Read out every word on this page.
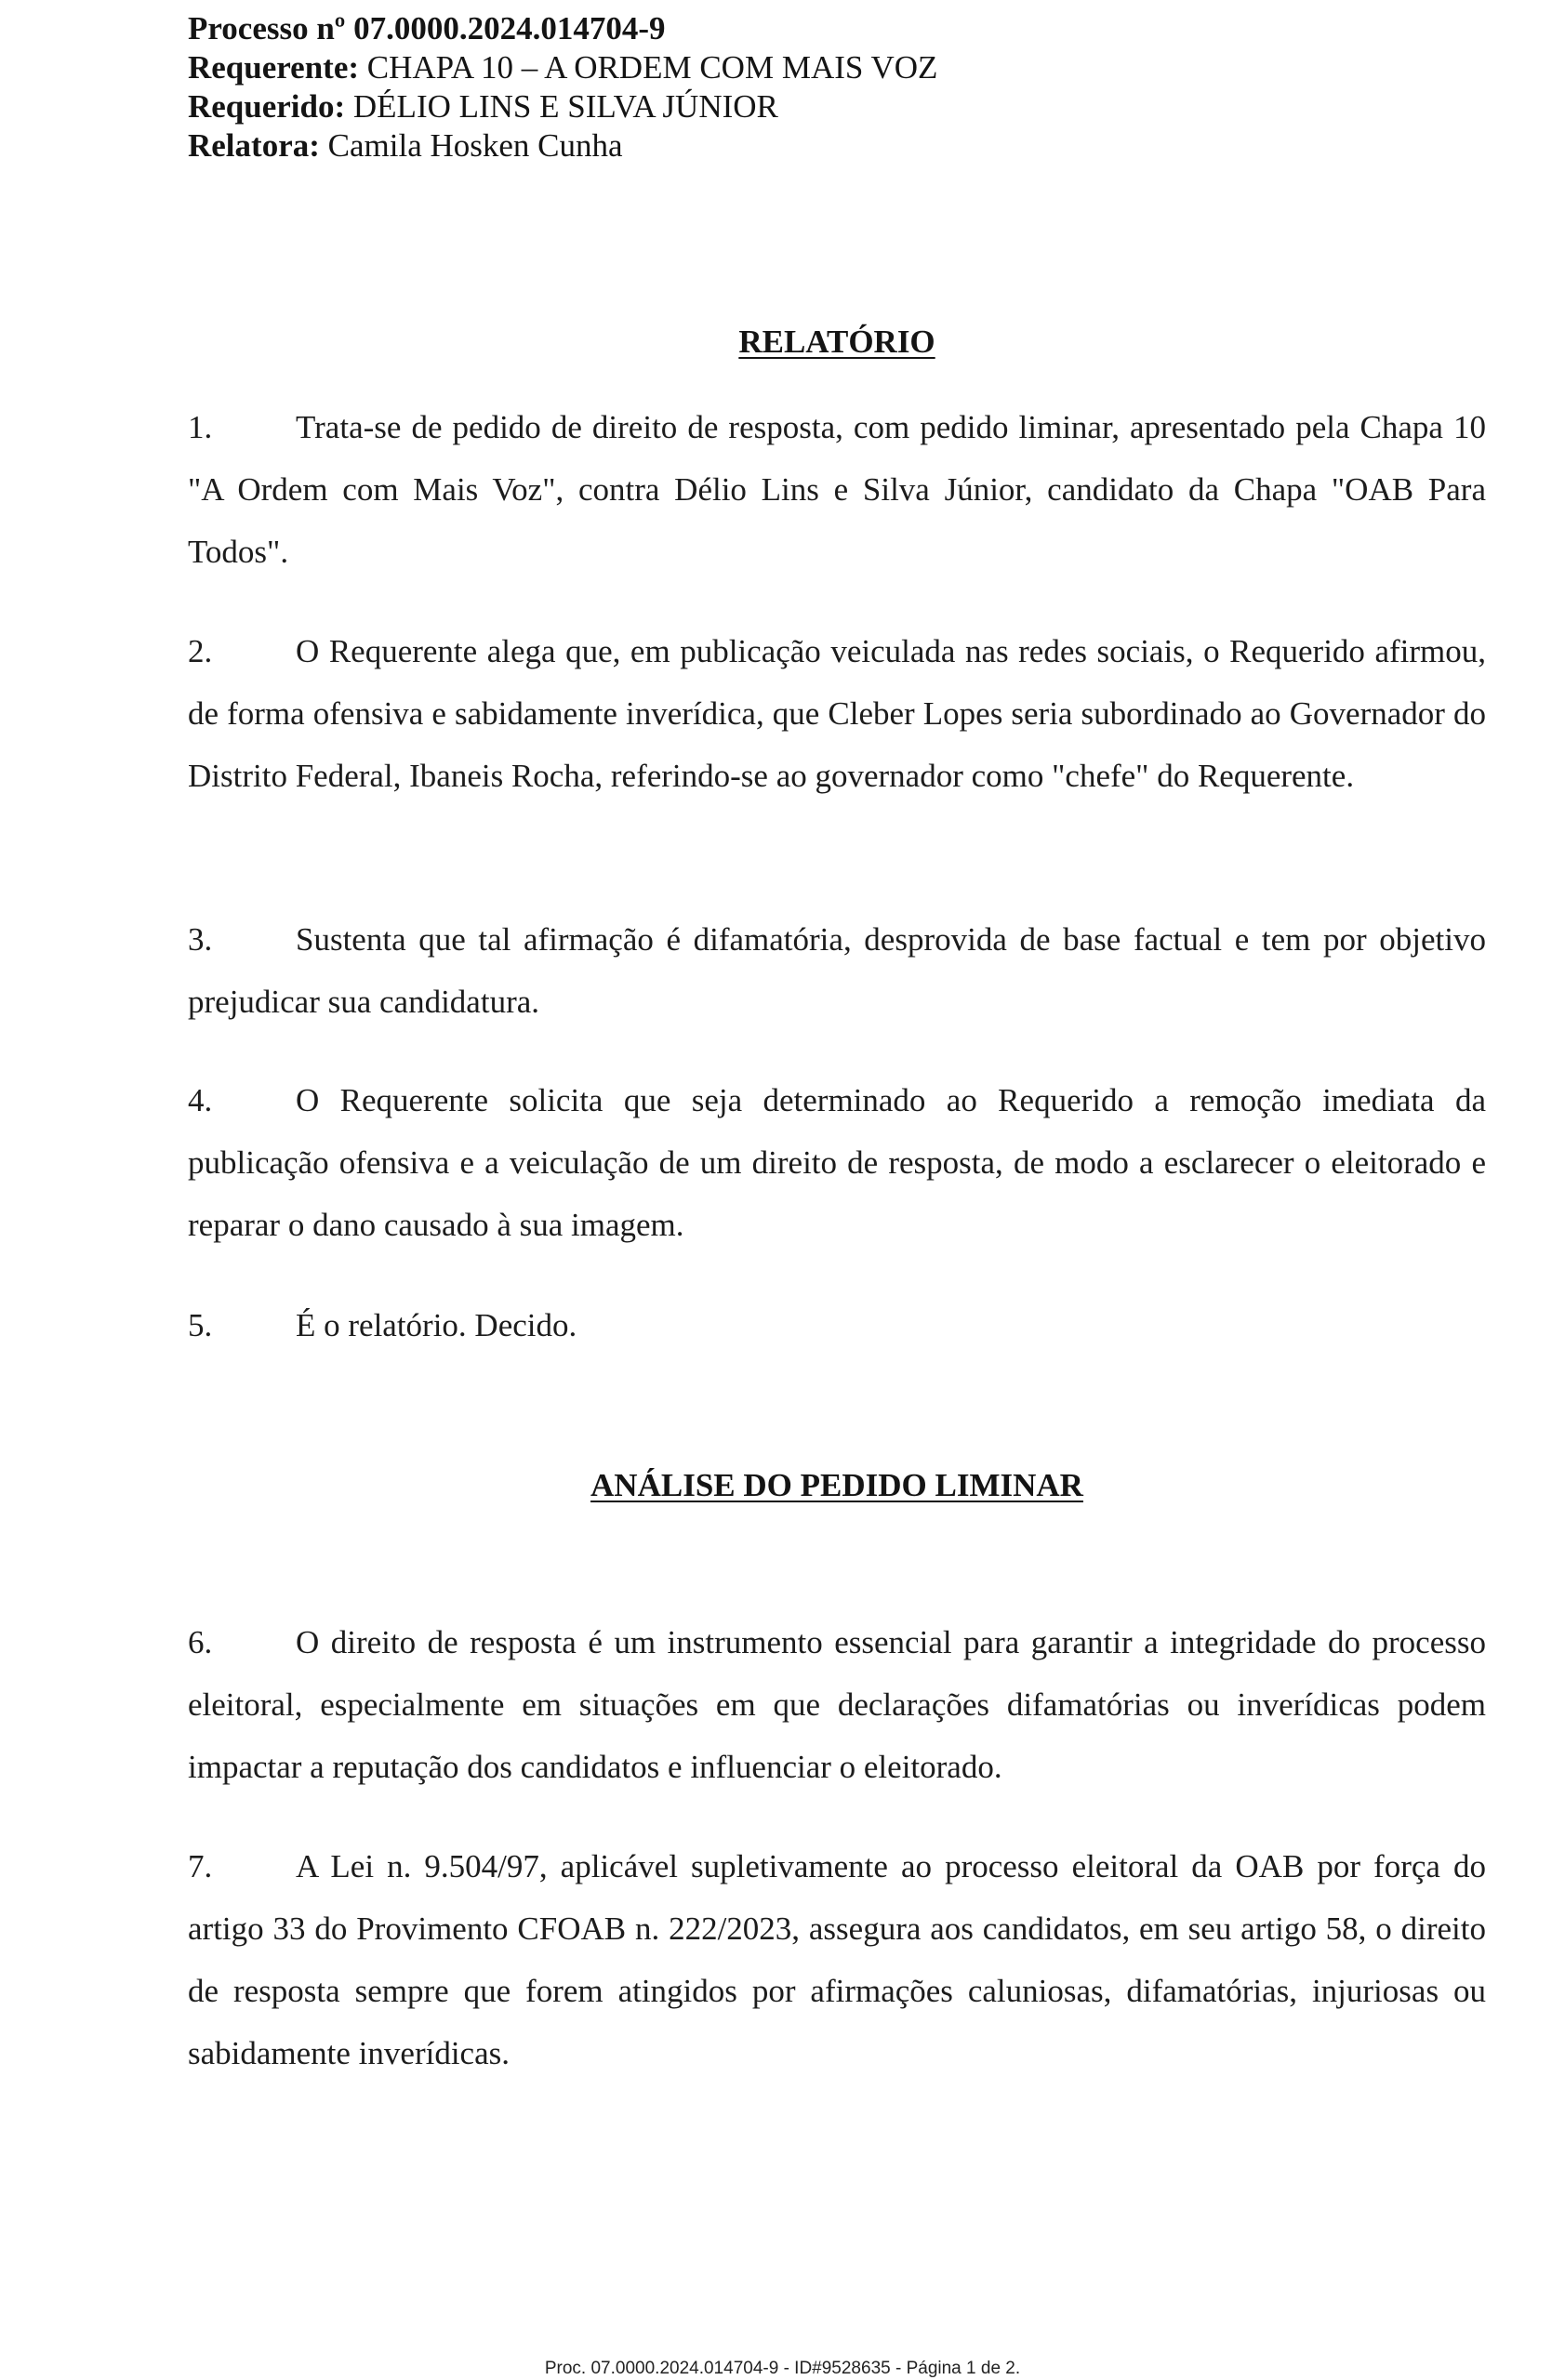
Processo nº 07.0000.2024.014704-9
Requerente: CHAPA 10 – A ORDEM COM MAIS VOZ
Requerido: DÉLIO LINS E SILVA JÚNIOR
Relatora: Camila Hosken Cunha
RELATÓRIO

1.	Trata-se de pedido de direito de resposta, com pedido liminar, apresentado pela Chapa 10 "A Ordem com Mais Voz", contra Délio Lins e Silva Júnior, candidato da Chapa "OAB Para Todos".

2.	O Requerente alega que, em publicação veiculada nas redes sociais, o Requerido afirmou, de forma ofensiva e sabidamente inverídica, que Cleber Lopes seria subordinado ao Governador do Distrito Federal, Ibaneis Rocha, referindo-se ao governador como "chefe" do Requerente.

3.	Sustenta que tal afirmação é difamatória, desprovida de base factual e tem por objetivo prejudicar sua candidatura.

4.	O Requerente solicita que seja determinado ao Requerido a remoção imediata da publicação ofensiva e a veiculação de um direito de resposta, de modo a esclarecer o eleitorado e reparar o dano causado à sua imagem.

5.	É o relatório. Decido.

ANÁLISE DO PEDIDO LIMINAR

6.	O direito de resposta é um instrumento essencial para garantir a integridade do processo eleitoral, especialmente em situações em que declarações difamatórias ou inverídicas podem impactar a reputação dos candidatos e influenciar o eleitorado.

7.	A Lei n. 9.504/97, aplicável supletivamente ao processo eleitoral da OAB por força do artigo 33 do Provimento CFOAB n. 222/2023, assegura aos candidatos, em seu artigo 58, o direito de resposta sempre que forem atingidos por afirmações caluniosas, difamatórias, injuriosas ou sabidamente inverídicas.

Proc. 07.0000.2024.014704-9 - ID#9528635 - Página 1 de 2.
